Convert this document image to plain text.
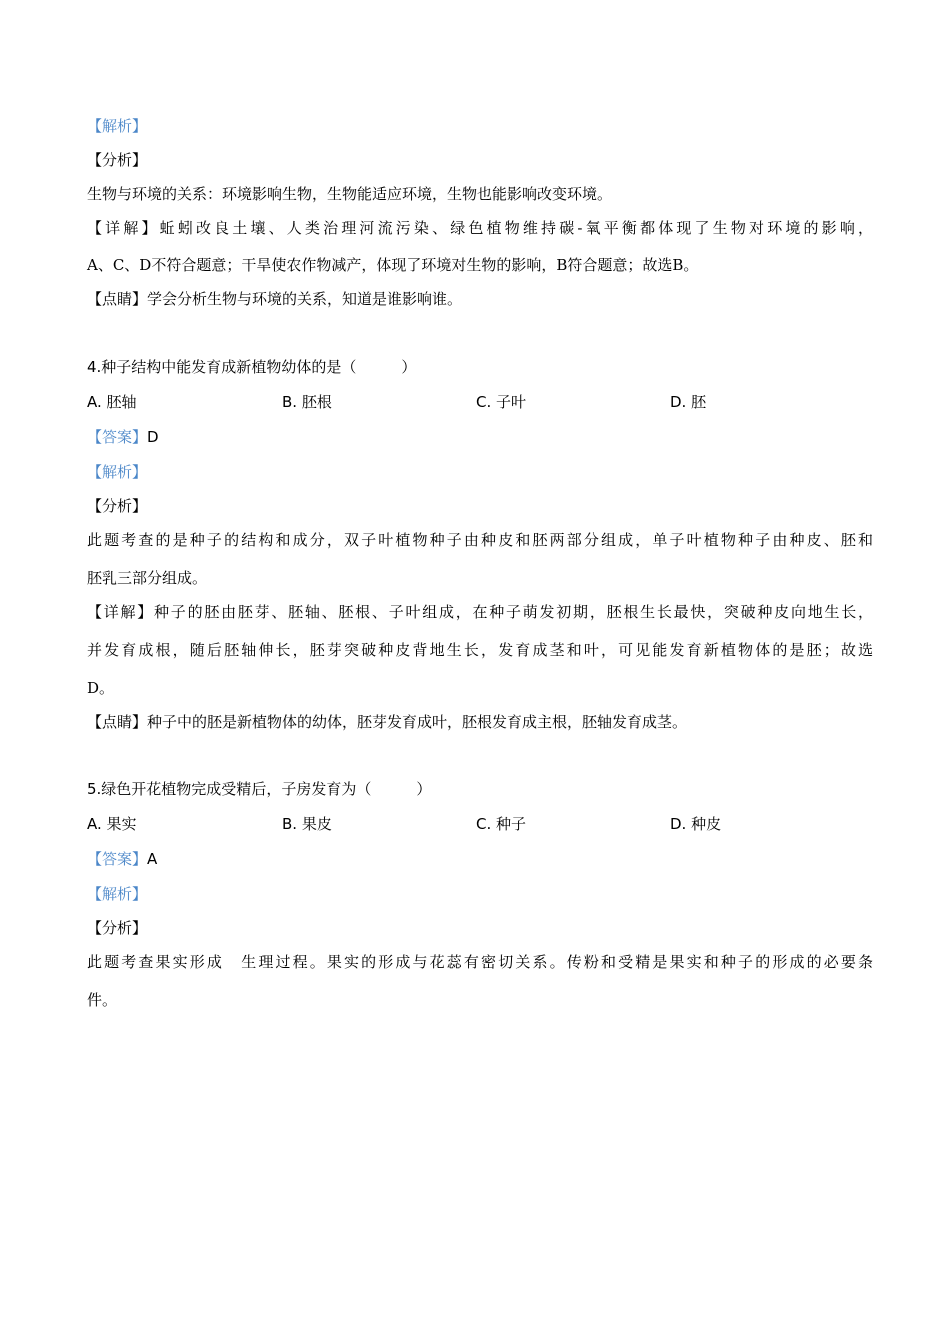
【解析】
【分析】
生物与环境的关系：环境影响生物，生物能适应环境，生物也能影响改变环境。
【详解】蚯蚓改良土壤、人类治理河流污染、绿色植物维持碳-氧平衡都体现了生物对环境的影响，
A、C、D不符合题意；干旱使农作物减产，体现了环境对生物的影响，B符合题意；故选B。
【点睛】学会分析生物与环境的关系，知道是谁影响谁。
4.种子结构中能发育成新植物幼体的是（　　　）
A. 胚轴	B. 胚根	C. 子叶	D. 胚
【答案】D
【解析】
【分析】
此题考查的是种子的结构和成分，双子叶植物种子由种皮和胚两部分组成，单子叶植物种子由种皮、胚和
胚乳三部分组成。
【详解】种子的胚由胚芽、胚轴、胚根、子叶组成，在种子萌发初期，胚根生长最快，突破种皮向地生长，
并发育成根，随后胚轴伸长，胚芽突破种皮背地生长，发育成茎和叶，可见能发育新植物体的是胚；故选
D。
【点睛】种子中的胚是新植物体的幼体，胚芽发育成叶，胚根发育成主根，胚轴发育成茎。
5.绿色开花植物完成受精后，子房发育为（　　　）
A. 果实	B. 果皮	C. 种子	D. 种皮
【答案】A
【解析】
【分析】
此题考查果实形成　生理过程。果实的形成与花蕊有密切关系。传粉和受精是果实和种子的形成的必要条
件。
